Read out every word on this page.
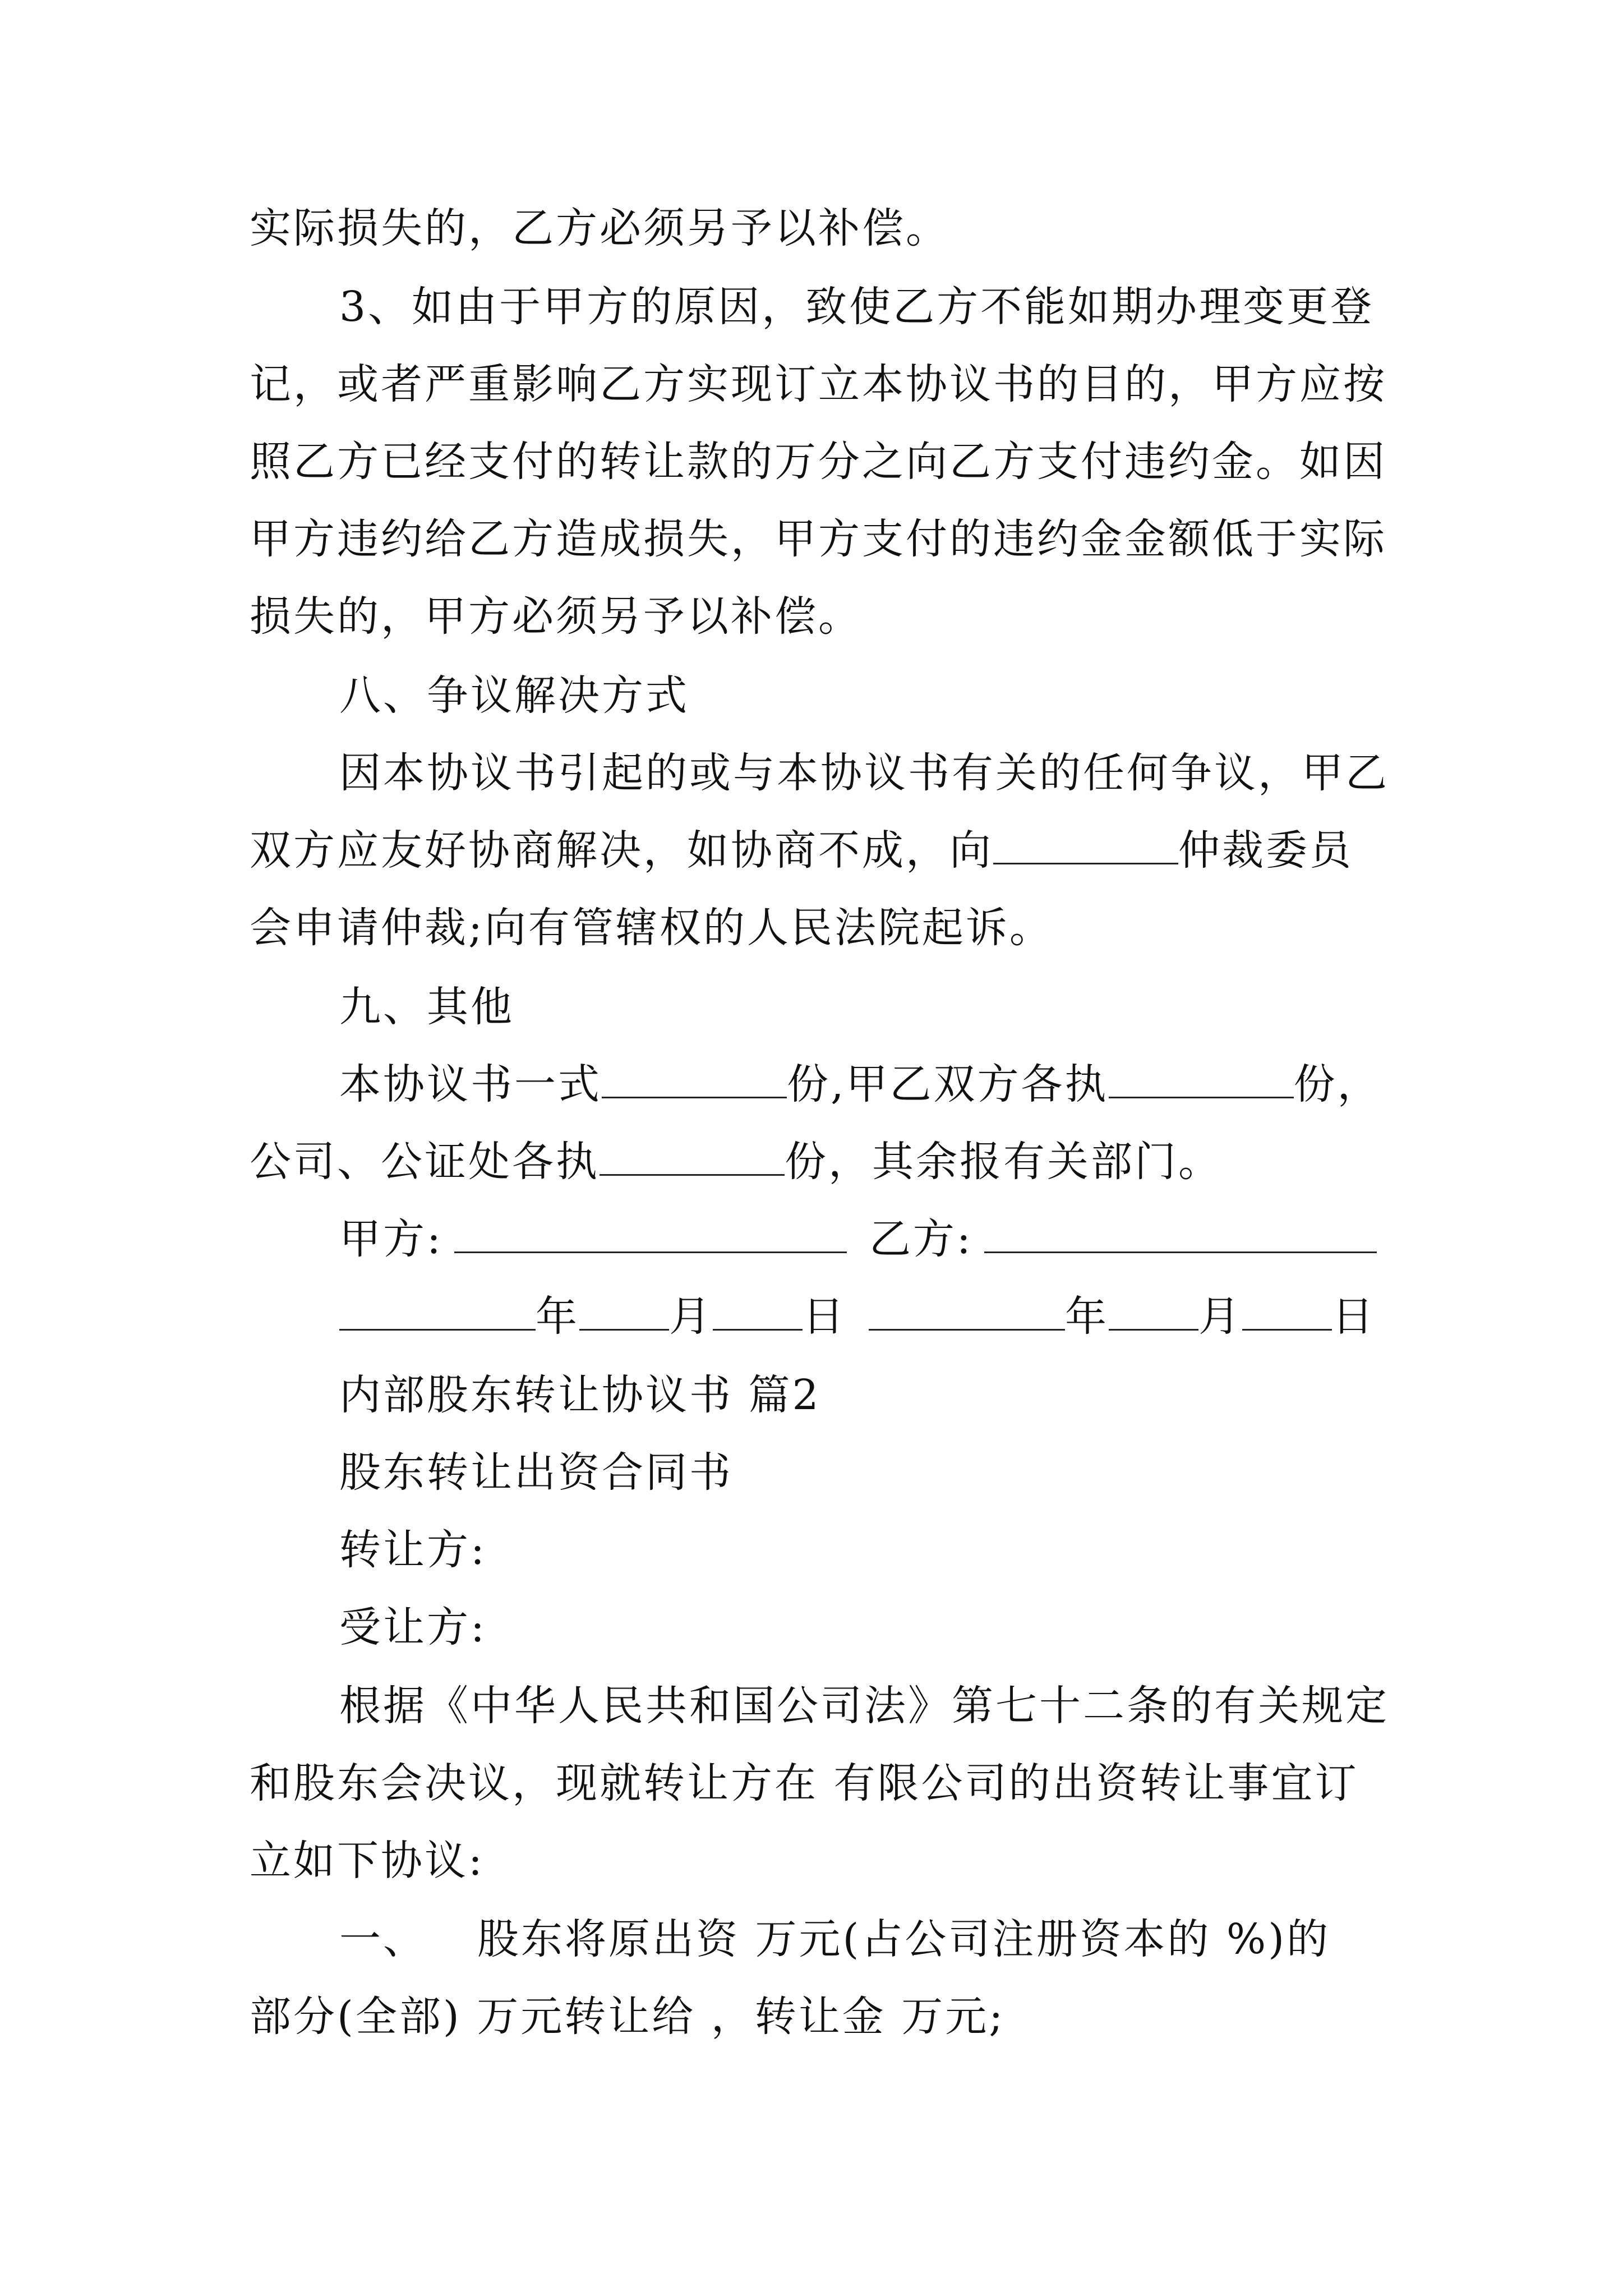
实际损失的，乙方必须另予以补偿。
3、如由于甲方的原因，致使乙方不能如期办理变更登
记，或者严重影响乙方实现订立本协议书的目的，甲方应按
照乙方已经支付的转让款的万分之向乙方支付违约金。如因
甲方违约给乙方造成损失，甲方支付的违约金金额低于实际
损失的，甲方必须另予以补偿。
八、争议解决方式
因本协议书引起的或与本协议书有关的任何争议，甲乙
双方应友好协商解决，如协商不成，向	仲裁委员
会申请仲裁;向有管辖权的人民法院起诉。
九、其他
本协议书一式	份,甲乙双方各执	份，
公司、公证处各执	份，其余报有关部门。
甲方:	乙方:
年 月 日	年 月 日
内部股东转让协议书 篇2
股东转让出资合同书
转让方:
受让方:
根据《中华人民共和国公司法》第七十二条的有关规定
和股东会决议，现就转让方在 有限公司的出资转让事宜订
立如下协议:
一、 股东将原出资 万元(占公司注册资本的 %)的
部分(全部) 万元转让给 ，转让金 万元;
